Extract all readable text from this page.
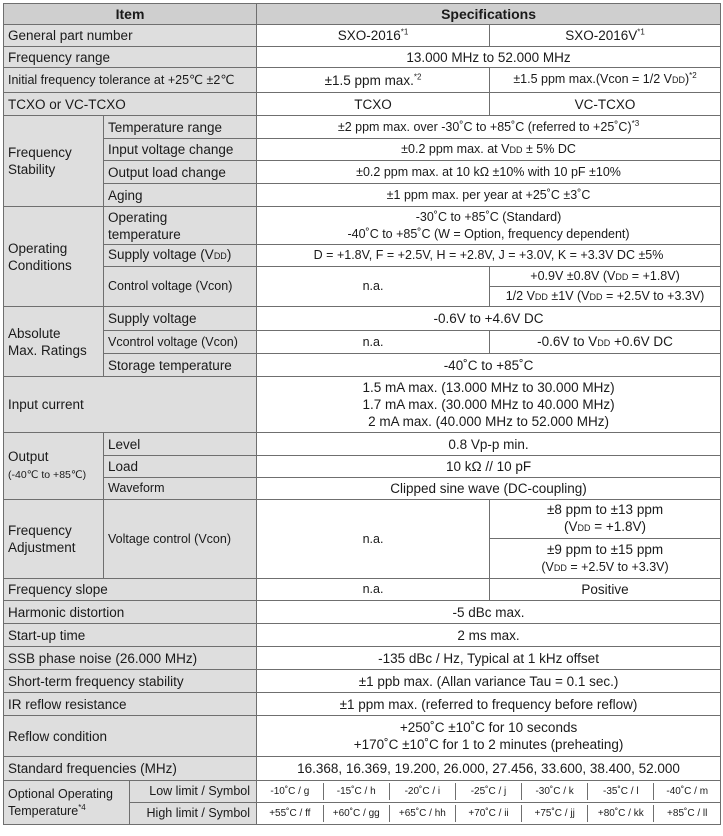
Item	Specifications
General part number	SXO-2016$^{*1}$	SXO-$2016V^{*1}$
Frequency range	13.000 MHz to 52.000 MHz
Initial frequency tolerance at +25℃ ±2℃	±1.5 ppm max.$^{*2}$	±1.5 ppm max.(Vcon = 1/2 VDD)$^{*2}$
TCXO or VC-TCXO	TCXO	VC-TCXO
Frequency
Stability	Temperature range	±2 ppm max. over -30˚C to +85˚C (referred to +25˚C)$^{*3}$
Input voltage change	±0.2 ppm max. at VDD ± 5% DC
Output load change	±0.2 ppm max. at 10 kΩ ±10% with 10 pF ±10%
Aging	±1 ppm max. per year at +25˚C ±3˚C
Operating
Conditions	Operating
temperature	-30˚C to +85˚C (Standard)
-40˚C to +85˚C (W = Option, frequency dependent)
Supply voltage (VDD)	D = +1.8V, F = +2.5V, H = +2.8V, J = +3.0V, K = +3.3V DC ±5%
Control voltage (Vcon)	n.a.	+0.9V ±0.8V (VDD = +1.8V)
1/2 VDD ±1V (VDD = +2.5V to +3.3V)
Absolute
Max. Ratings	Supply voltage	-0.6V to +4.6V DC
Vcontrol voltage (Vcon)	n.a.	-0.6V to VDD +0.6V DC
Storage temperature	-40˚C to +85˚C
Input current	1.5 mA max. (13.000 MHz to 30.000 MHz)
1.7 mA max. (30.000 MHz to 40.000 MHz)
2 mA max. (40.000 MHz to 52.000 MHz)
Output
(-40℃ to +85℃)	Level	0.8 Vp-p min.
Load	10 kΩ // 10 pF
Waveform	Clipped sine wave (DC-coupling)
Frequency
Adjustment	Voltage control (Vcon)	n.a.	±8 ppm to ±13 ppm
(VDD = +1.8V)
±9 ppm to ±15 ppm
(VDD = +2.5V to +3.3V)
Frequency slope	n.a.	Positive
Harmonic distortion	-5 dBc max.
Start-up time	2 ms max.
SSB phase noise (26.000 MHz)	-135 dBc / Hz, Typical at 1 kHz offset
Short-term frequency stability	±1 ppb max. (Allan variance Tau = 0.1 sec.)
IR reflow resistance	±1 ppm max. (referred to frequency before reflow)
Reflow condition	+250˚C ±10˚C for 10 seconds
+170˚C ±10˚C for 1 to 2 minutes (preheating)
Standard frequencies (MHz)	16.368, 16.369, 19.200, 26.000, 27.456, 33.600, 38.400, 52.000
Optional Operating
Temperature$^{*4}$	Low limit / Symbol	-10˚C / g	-15˚C / h	-20˚C / i	-25˚C / j	-30˚C / k	-35˚C / l	-40˚C / m

High limit / Symbol	+55˚C / ff	+60˚C / gg	+65˚C / hh	+70˚C / ii	+75˚C / jj	+80˚C / kk	+85˚C / ll
